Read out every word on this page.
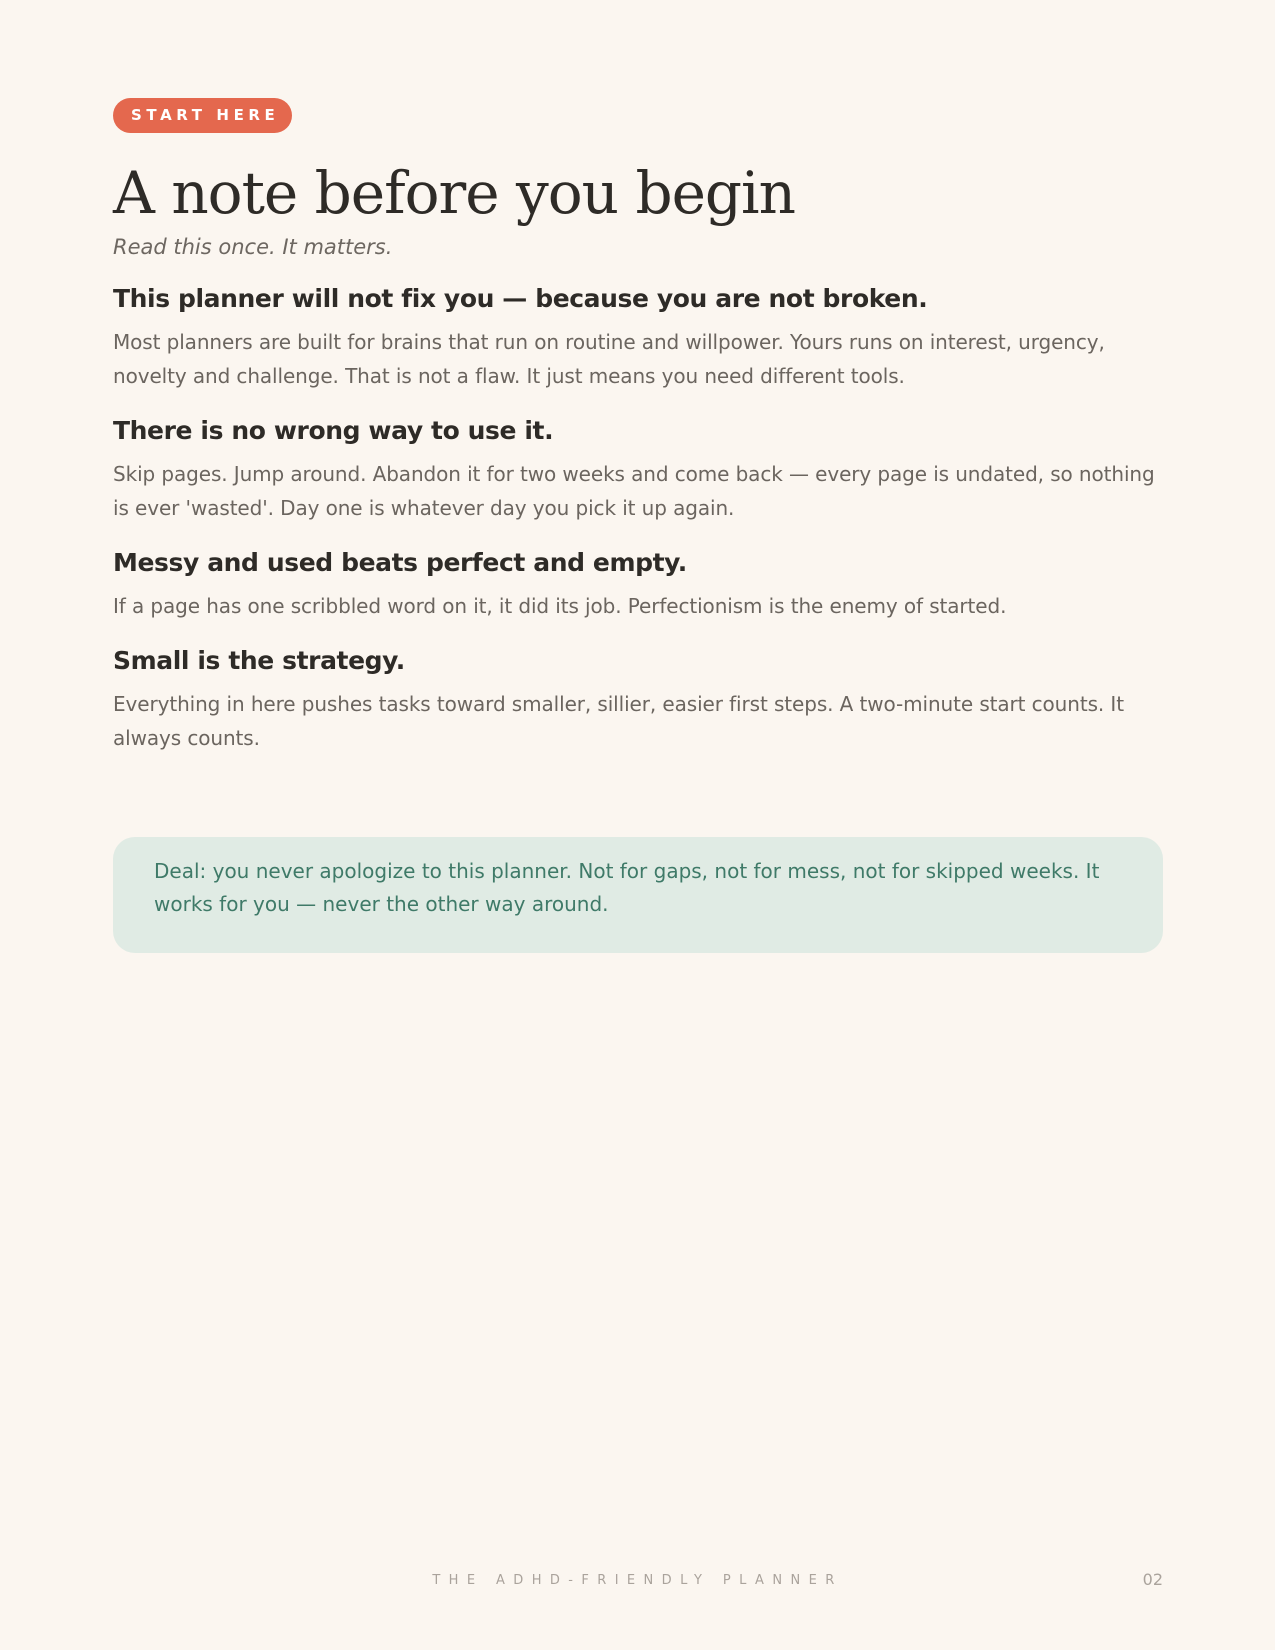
START HERE
A note before you begin

Read this once. It matters.

This planner will not fix you — because you are not broken.

Most planners are built for brains that run on routine and willpower. Yours runs on interest, urgency, novelty and challenge. That is not a flaw. It just means you need different tools.

There is no wrong way to use it.

Skip pages. Jump around. Abandon it for two weeks and come back — every page is undated, so nothing is ever 'wasted'. Day one is whatever day you pick it up again.

Messy and used beats perfect and empty.

If a page has one scribbled word on it, it did its job. Perfectionism is the enemy of started.

Small is the strategy.

Everything in here pushes tasks toward smaller, sillier, easier first steps. A two-minute start counts. It always counts.

Deal: you never apologize to this planner. Not for gaps, not for mess, not for skipped weeks. It works for you — never the other way around.

THE ADHD-FRIENDLY PLANNER	02
